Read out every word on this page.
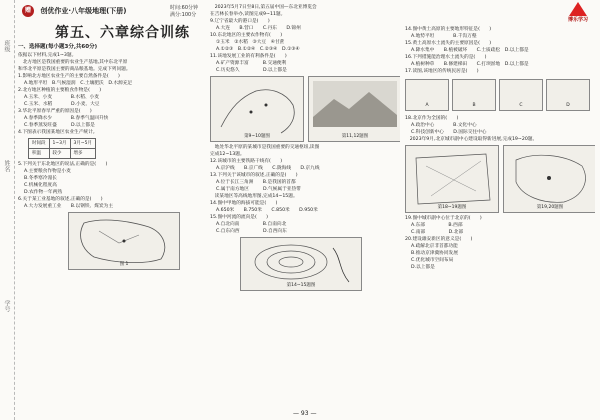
班级
姓名
学号
赠 创优作业·八年级地理(下册)	时间:60分钟
满分:100分
第五、六章综合训练
博乐学习
一、选择题(每小题3分,共60分)
依据以下材料,完成1~3题。
　北方地区是我国重要的农业生产基地,其中东北平原
和华北平原是我国主要的商品粮基地。完成下列问题。
1.影响北方地区农业生产的主要自然条件是(　　)
A.地形平坦　B.气候湿润　C.土壤肥沃　D.水源充足
2.北方地区种植的主要粮食作物是(　　)
A.玉米、小麦　　　　B.水稻、小麦
C.玉米、水稻　　　　D.小麦、大豆
3.华北平原春旱严重的原因是(　　)
A.春季降水少　　　　B.春季气温回升快
C.春季蒸发旺盛　　　D.以上都是
4.下图表示我国某地区农业生产统计。
时间段	1~3月	3月~5月
积温	较少	增多
5.下列关于东北地区的说法,正确的是(　　)
A.主要粮食作物是小麦
B.冬季寒冷漫长
C.机械化程度高
D.农作物一年两熟
6.关于某工业基地的叙述,正确的是(　　)
A.大力发展重工业　　B.以钢铁、煤炭为主
图 1
　2023年5月7日至8日,第五届中国—东北亚博览会
在吉林长春举办,读图完成9~11题。
9.辽宁省最大的港口是(　　)
A.大连　　B.营口　　C.丹东　　D.锦州
10.东北地区的主要农作物有(　　)
①玉米　②水稻　③大豆　④甘蔗
A.①②③　B.①②④　C.②③④　D.①③④
11.该地发展工业的有利条件是(　　)
A.矿产资源丰富　　　B.交通便利
C.历史悠久　　　　　D.以上都是
第9~10题图	第11,12题图
　地处华北平原的某城市是我国重要的交通枢纽,读图
完成12~13题。
12.该城市的主要铁路干线有(　　)
A.京沪线　　B.京广线　　C.陇海线　　D.京九线
13.下列关于该城市的叙述,正确的是(　　)
A.位于长江三角洲　　B.是我国的首都
C.属于南方地区　　　D.气候属于亚热带
　读某地区等高线地形图,完成14~15题。
14.图中甲地的海拔可能是(　　)
A.650米　　B.750米　　C.850米　　D.950米
15.图中河流的流向是(　　)
A.自北向南　　　　　B.自南向北
C.自东向西　　　　　D.自西向东
第14~15题图
14.图中黄土高原的主要地形特征是(　　)
A.地势平坦　　　　B.千沟万壑
15.黄土高原水土流失的主要原因是(　　)
A.降水集中　　B.植被破坏　　C.土质疏松　D.以上都是
16.下列措施能治理水土流失的是(　　)
A.植树种草　　B.修建梯田　　C.打坝淤地　D.以上都是
17.读图,该地区的传统民居是(　　)
A	B	C	D
18.北京作为全国的(　　)
A.政治中心　　　　B.文化中心
C.科技创新中心　　D.国际交往中心
　2023年9月,北京城市副中心建设取得新进展,完成19~20题。
第18~19题图	第19,20题图
19.图中城市副中心位于北京的(　　)
A.东部　　　　　B.西部
C.南部　　　　　D.北部
20.建设雄安新区的意义是(　　)
A.疏解北京非首都功能
B.推动京津冀协同发展
C.优化城市空间布局
D.以上都是
— 93 —
